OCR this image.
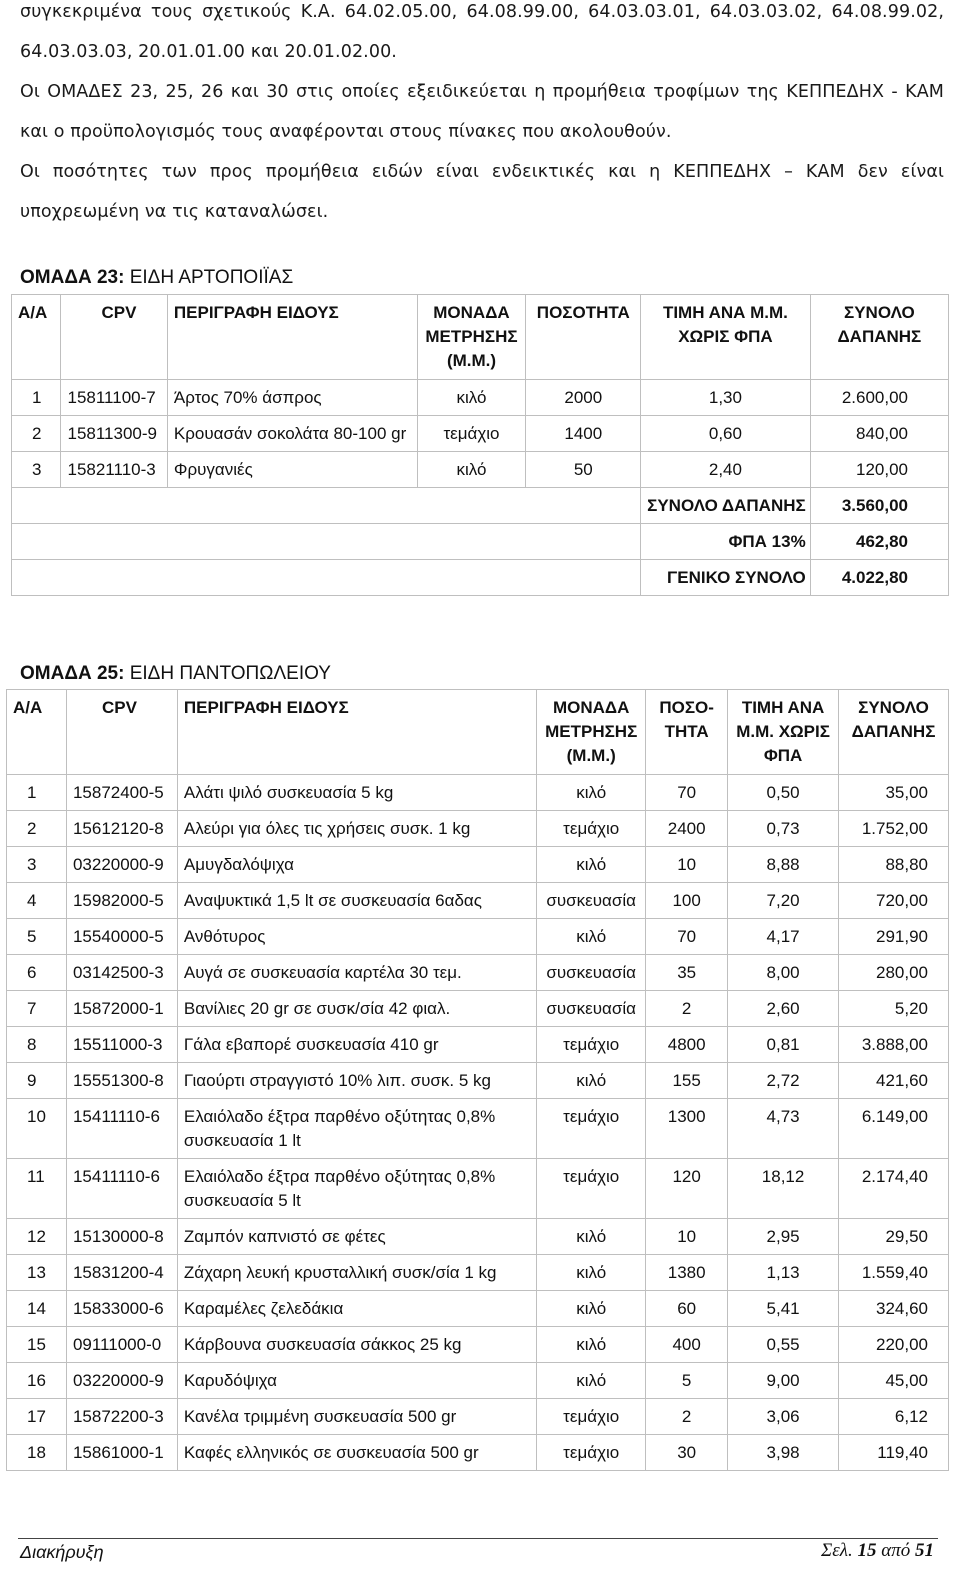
συγκεκριμένα τους σχετικούς Κ.Α. 64.02.05.00, 64.08.99.00, 64.03.03.01, 64.03.03.02, 64.08.99.02,

64.03.03.03, 20.01.01.00 και 20.01.02.00.

Οι ΟΜΑΔΕΣ 23, 25, 26 και 30 στις οποίες εξειδικεύεται η προμήθεια τροφίμων της ΚΕΠΠΕΔΗΧ - ΚΑΜ

και ο προϋπολογισμός τους αναφέρονται στους πίνακες που ακολουθούν.

Οι ποσότητες των προς προμήθεια ειδών είναι ενδεικτικές και η ΚΕΠΠΕΔΗΧ – ΚΑΜ δεν είναι

υποχρεωμένη να τις καταναλώσει.

ΟΜΑΔΑ 23: ΕΙΔΗ ΑΡΤΟΠΟΙΪΑΣ
Α/Α	CPV	ΠΕΡΙΓΡΑΦΗ ΕΙΔΟΥΣ	ΜΟΝΑΔΑ ΜΕΤΡΗΣΗΣ (Μ.Μ.)	ΠΟΣΟΤΗΤΑ	ΤΙΜΗ ΑΝΑ Μ.Μ. ΧΩΡΙΣ ΦΠΑ	ΣΥΝΟΛΟ ΔΑΠΑΝΗΣ
1	15811100-7	Άρτος 70% άσπρος	κιλό	2000	1,30	2.600,00
2	15811300-9	Κρουασάν σοκολάτα 80-100 gr	τεμάχιο	1400	0,60	840,00
3	15821110-3	Φρυγανιές	κιλό	50	2,40	120,00
					ΣΥΝΟΛΟ ΔΑΠΑΝΗΣ	3.560,00
					ΦΠΑ 13%	462,80
					ΓΕΝΙΚΟ ΣΥΝΟΛΟ	4.022,80
ΟΜΑΔΑ 25: ΕΙΔΗ ΠΑΝΤΟΠΩΛΕΙΟΥ
Α/Α	CPV	ΠΕΡΙΓΡΑΦΗ ΕΙΔΟΥΣ	ΜΟΝΑΔΑ ΜΕΤΡΗΣΗΣ (Μ.Μ.)	ΠΟΣΟ-ΤΗΤΑ	ΤΙΜΗ ΑΝΑ Μ.Μ. ΧΩΡΙΣ ΦΠΑ	ΣΥΝΟΛΟ ΔΑΠΑΝΗΣ
1	15872400-5	Αλάτι ψιλό συσκευασία 5 kg	κιλό	70	0,50	35,00
2	15612120-8	Αλεύρι για όλες τις χρήσεις συσκ. 1 kg	τεμάχιο	2400	0,73	1.752,00
3	03220000-9	Αμυγδαλόψιχα	κιλό	10	8,88	88,80
4	15982000-5	Αναψυκτικά 1,5 lt σε συσκευασία 6αδας	συσκευασία	100	7,20	720,00
5	15540000-5	Ανθότυρος	κιλό	70	4,17	291,90
6	03142500-3	Αυγά σε συσκευασία καρτέλα 30 τεμ.	συσκευασία	35	8,00	280,00
7	15872000-1	Βανίλιες 20 gr σε συσκ/σία 42 φιαλ.	συσκευασία	2	2,60	5,20
8	15511000-3	Γάλα εβαπορέ συσκευασία 410 gr	τεμάχιο	4800	0,81	3.888,00
9	15551300-8	Γιαούρτι στραγγιστό 10% λιπ. συσκ. 5 kg	κιλό	155	2,72	421,60
10	15411110-6	Ελαιόλαδο έξτρα παρθένο οξύτητας 0,8% συσκευασία 1 lt	τεμάχιο	1300	4,73	6.149,00
11	15411110-6	Ελαιόλαδο έξτρα παρθένο οξύτητας 0,8% συσκευασία 5 lt	τεμάχιο	120	18,12	2.174,40
12	15130000-8	Ζαμπόν καπνιστό σε φέτες	κιλό	10	2,95	29,50
13	15831200-4	Ζάχαρη λευκή κρυσταλλική συσκ/σία 1 kg	κιλό	1380	1,13	1.559,40
14	15833000-6	Καραμέλες ζελεδάκια	κιλό	60	5,41	324,60
15	09111000-0	Κάρβουνα συσκευασία σάκκος 25 kg	κιλό	400	0,55	220,00
16	03220000-9	Καρυδόψιχα	κιλό	5	9,00	45,00
17	15872200-3	Κανέλα τριμμένη συσκευασία 500 gr	τεμάχιο	2	3,06	6,12
18	15861000-1	Καφές ελληνικός σε συσκευασία 500 gr	τεμάχιο	30	3,98	119,40
Διακήρυξη	Σελ. 15 από 51
